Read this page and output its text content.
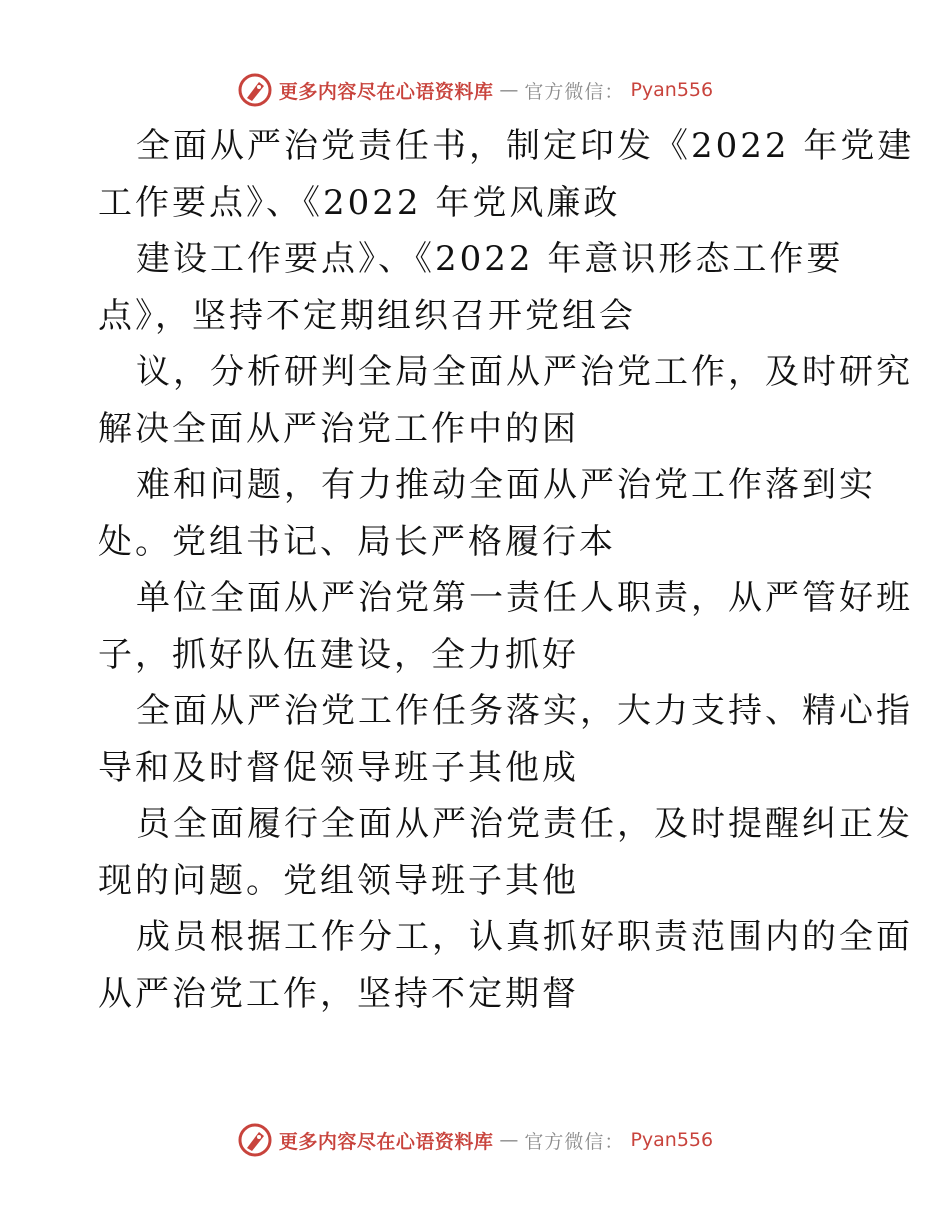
更多内容尽在心语资料库 — 官方微信： Pyan556
全面从严治党责任书，制定印发《2022 年党建
工作要点》、《2022 年党风廉政
建设工作要点》、《2022 年意识形态工作要
点》，坚持不定期组织召开党组会
议，分析研判全局全面从严治党工作，及时研究
解决全面从严治党工作中的困
难和问题，有力推动全面从严治党工作落到实
处。党组书记、局长严格履行本
单位全面从严治党第一责任人职责，从严管好班
子，抓好队伍建设，全力抓好
全面从严治党工作任务落实，大力支持、精心指
导和及时督促领导班子其他成
员全面履行全面从严治党责任，及时提醒纠正发
现的问题。党组领导班子其他
成员根据工作分工，认真抓好职责范围内的全面
从严治党工作，坚持不定期督
更多内容尽在心语资料库 — 官方微信： Pyan556
